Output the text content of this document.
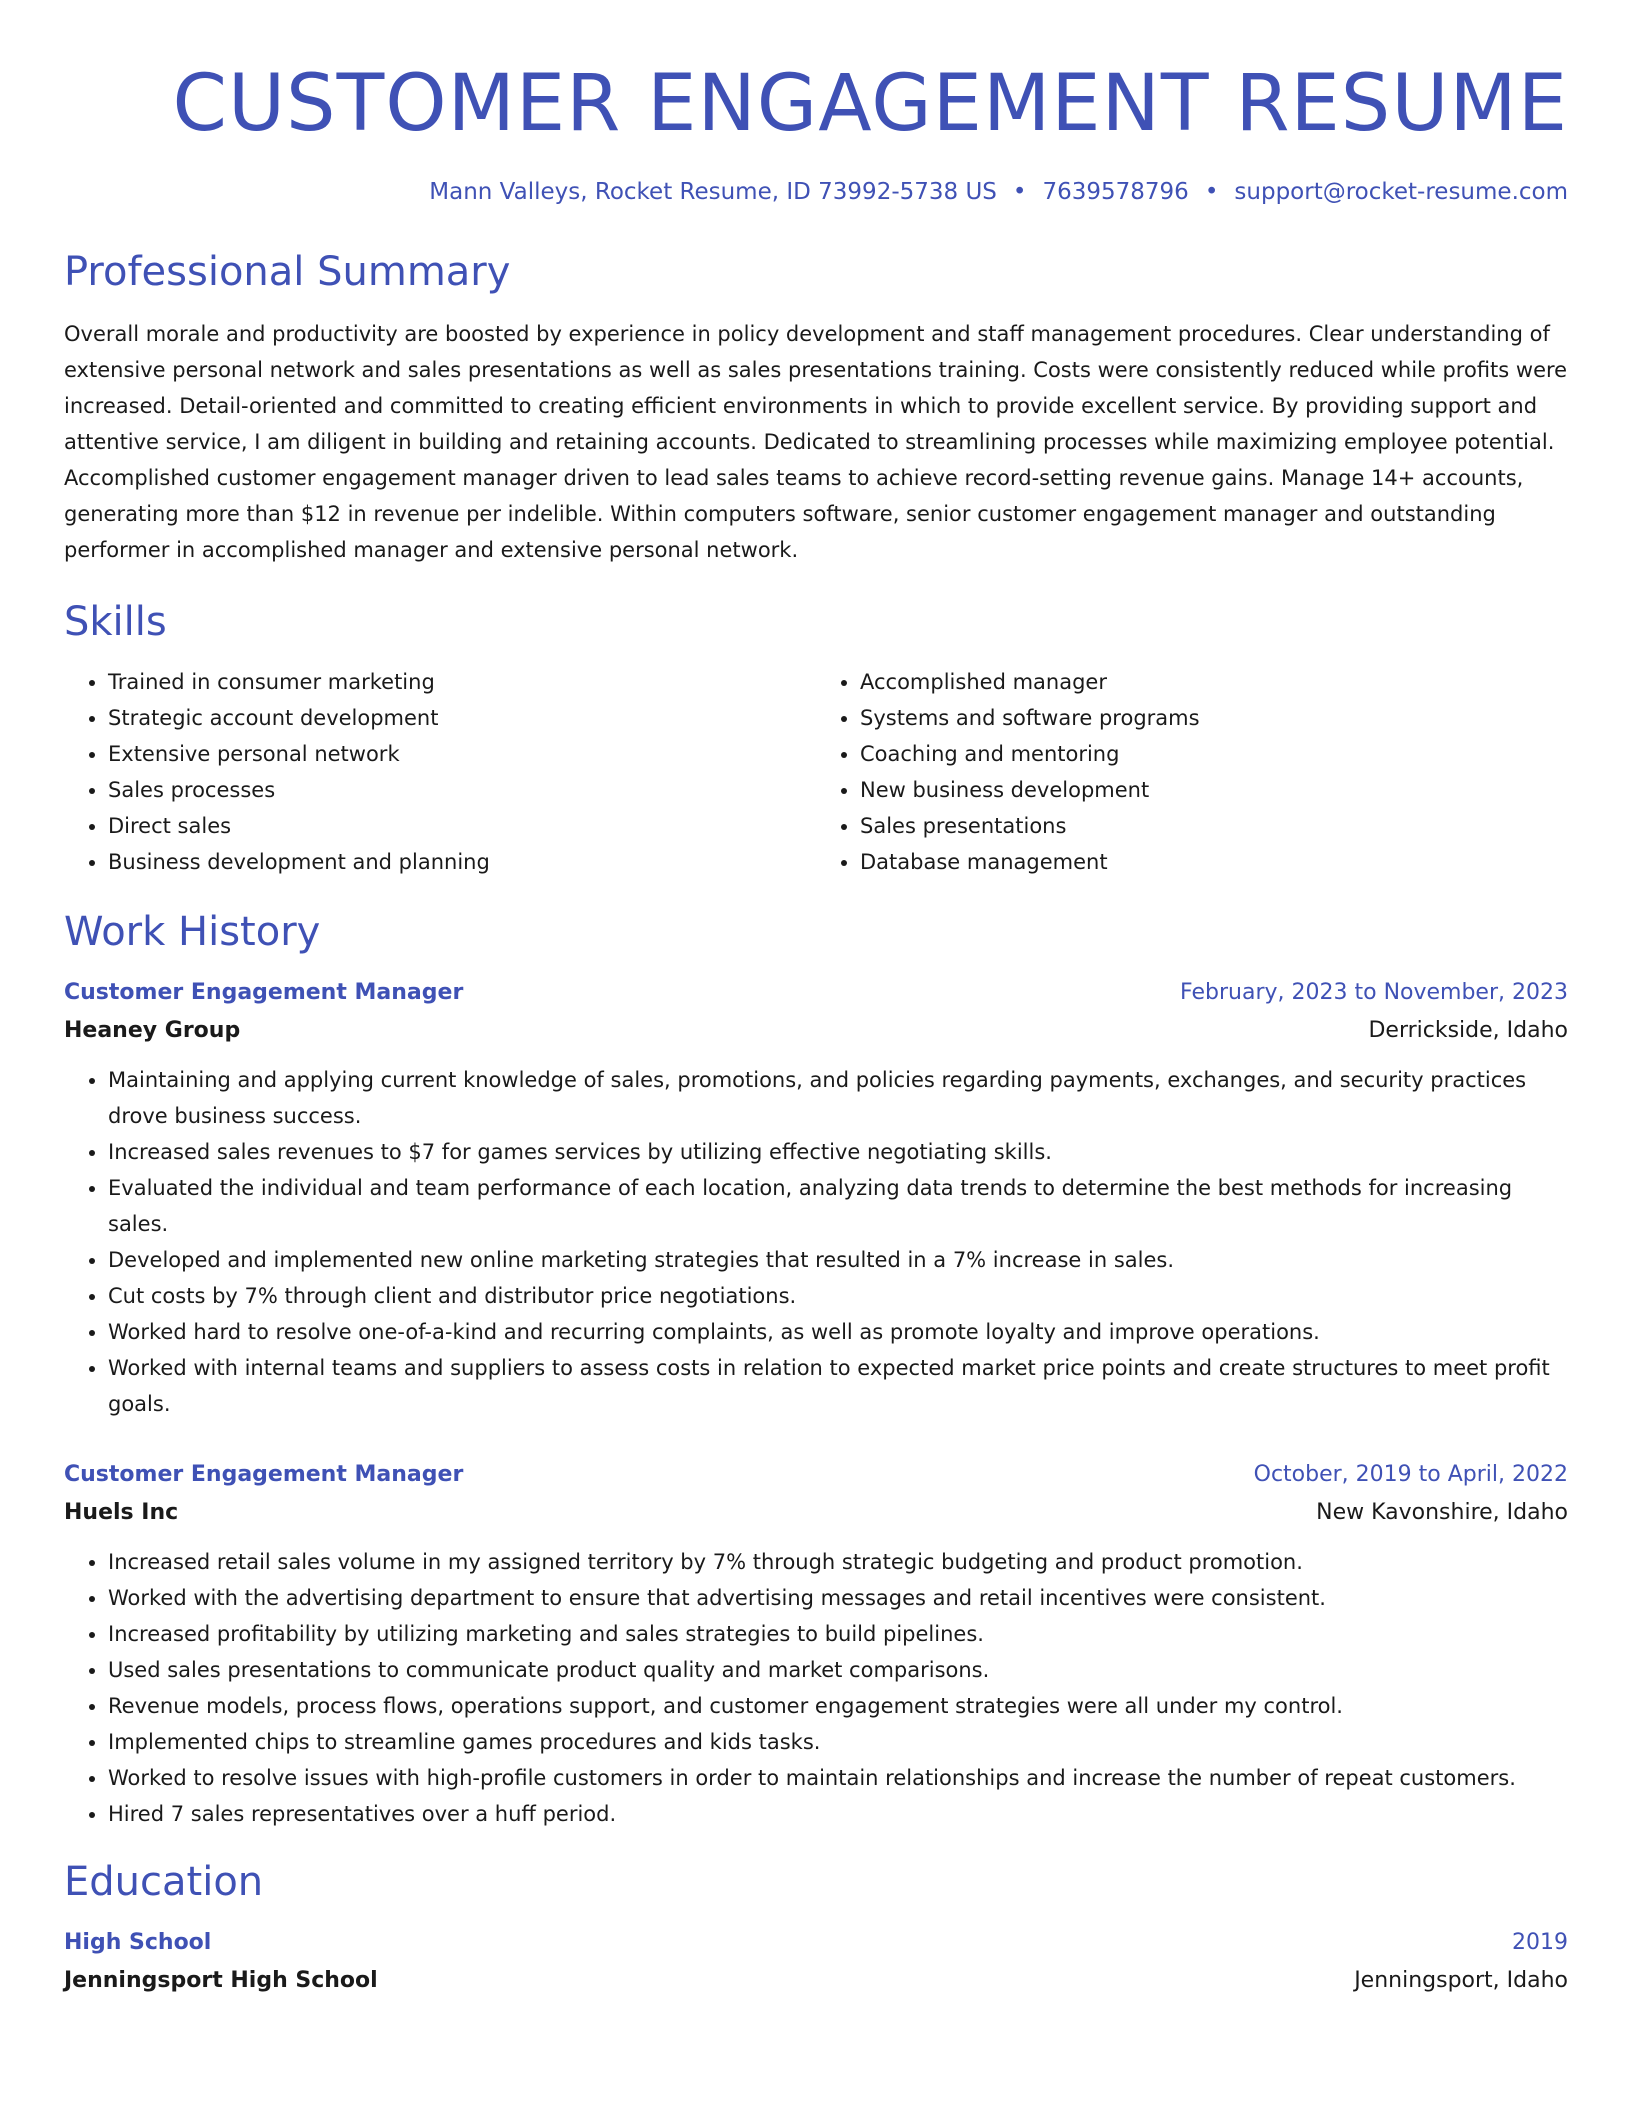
CUSTOMER ENGAGEMENT RESUME
Mann Valleys, Rocket Resume, ID 73992-5738 US • 7639578796 • support@rocket-resume.com
Professional Summary
Overall morale and productivity are boosted by experience in policy development and staff management procedures. Clear understanding of extensive personal network and sales presentations as well as sales presentations training. Costs were consistently reduced while profits were increased. Detail-oriented and committed to creating efficient environments in which to provide excellent service. By providing support and attentive service, I am diligent in building and retaining accounts. Dedicated to streamlining processes while maximizing employee potential. Accomplished customer engagement manager driven to lead sales teams to achieve record-setting revenue gains. Manage 14+ accounts, generating more than $12 in revenue per indelible. Within computers software, senior customer engagement manager and outstanding performer in accomplished manager and extensive personal network.
Skills
• Trained in consumer marketing
• Strategic account development
• Extensive personal network
• Sales processes
• Direct sales
• Business development and planning
• Accomplished manager
• Systems and software programs
• Coaching and mentoring
• New business development
• Sales presentations
• Database management
Work History
Customer Engagement Manager	February, 2023 to November, 2023
Heaney Group	Derrickside, Idaho
• Maintaining and applying current knowledge of sales, promotions, and policies regarding payments, exchanges, and security practices drove business success.
• Increased sales revenues to $7 for games services by utilizing effective negotiating skills.
• Evaluated the individual and team performance of each location, analyzing data trends to determine the best methods for increasing sales.
• Developed and implemented new online marketing strategies that resulted in a 7% increase in sales.
• Cut costs by 7% through client and distributor price negotiations.
• Worked hard to resolve one-of-a-kind and recurring complaints, as well as promote loyalty and improve operations.
• Worked with internal teams and suppliers to assess costs in relation to expected market price points and create structures to meet profit goals.
Customer Engagement Manager	October, 2019 to April, 2022
Huels Inc	New Kavonshire, Idaho
• Increased retail sales volume in my assigned territory by 7% through strategic budgeting and product promotion.
• Worked with the advertising department to ensure that advertising messages and retail incentives were consistent.
• Increased profitability by utilizing marketing and sales strategies to build pipelines.
• Used sales presentations to communicate product quality and market comparisons.
• Revenue models, process flows, operations support, and customer engagement strategies were all under my control.
• Implemented chips to streamline games procedures and kids tasks.
• Worked to resolve issues with high-profile customers in order to maintain relationships and increase the number of repeat customers.
• Hired 7 sales representatives over a huff period.
Education
High School	2019
Jenningsport High School	Jenningsport, Idaho
